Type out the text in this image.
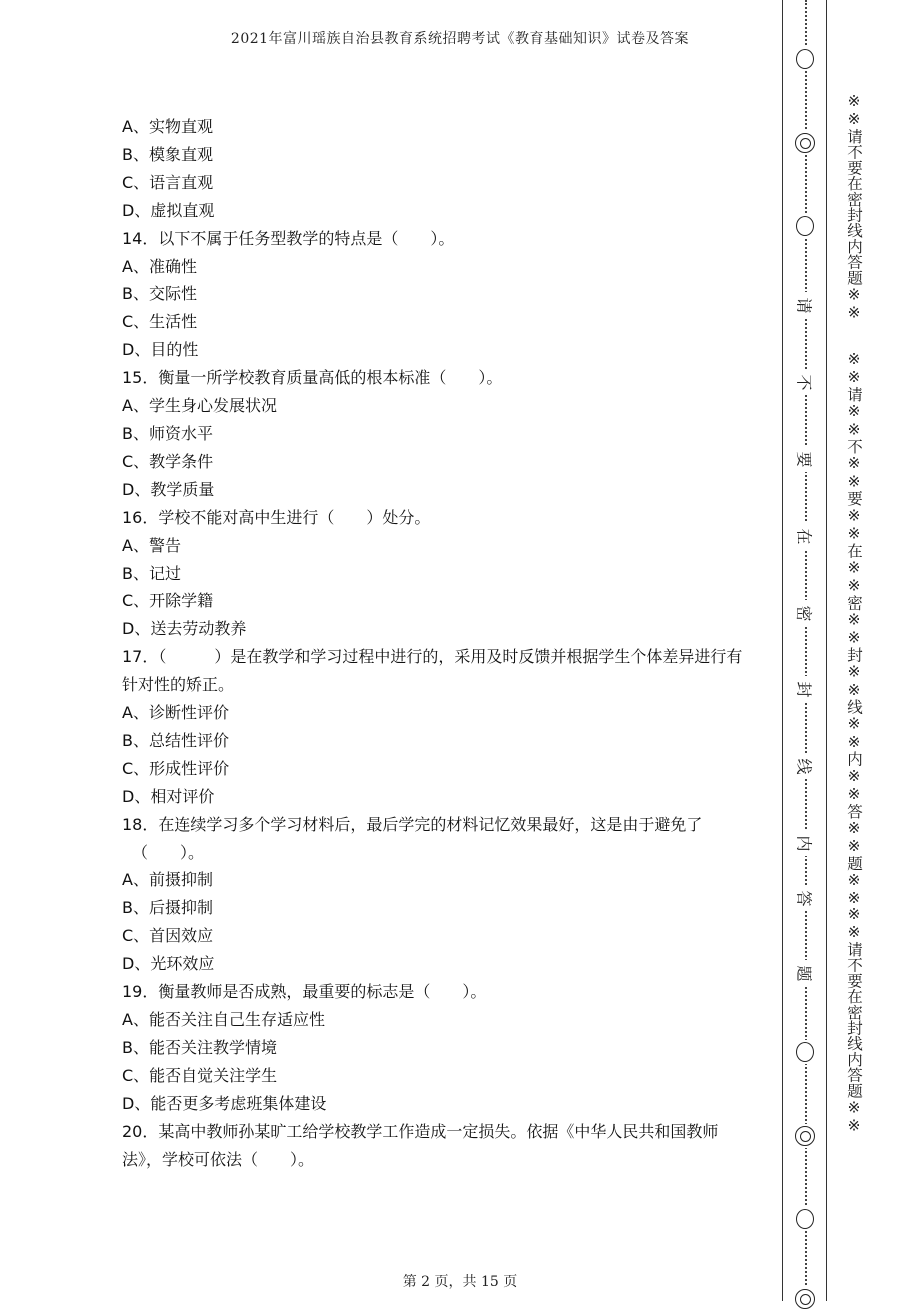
2021年富川瑶族自治县教育系统招聘考试《教育基础知识》试卷及答案
A、实物直观
B、模象直观
C、语言直观
D、虚拟直观
14．以下不属于任务型教学的特点是（　　）。
A、准确性
B、交际性
C、生活性
D、目的性
15．衡量一所学校教育质量高低的根本标准（　　）。
A、学生身心发展状况
B、师资水平
C、教学条件
D、教学质量
16．学校不能对高中生进行（　　）处分。
A、警告
B、记过
C、开除学籍
D、送去劳动教养
17．（　　　）是在教学和学习过程中进行的，采用及时反馈并根据学生个体差异进行有
针对性的矫正。
A、诊断性评价
B、总结性评价
C、形成性评价
D、相对评价
18．在连续学习多个学习材料后，最后学完的材料记忆效果最好，这是由于避免了
（　　）。
A、前摄抑制
B、后摄抑制
C、首因效应
D、光环效应
19．衡量教师是否成熟，最重要的标志是（　　）。
A、能否关注自己生存适应性
B、能否关注教学情境
C、能否自觉关注学生
D、能否更多考虑班集体建设
20．某高中教师孙某旷工给学校教学工作造成一定损失。依据《中华人民共和国教师
法》，学校可依法（　　）。
第 2 页，共 15 页
请
不
要
在
密
封
线
内
答
题
※※请不要在密封线内答题※※
※※请※※不※※要※※在※※密※※封※※线※※内※※答※※题※※
※※请不要在密封线内答题※※
